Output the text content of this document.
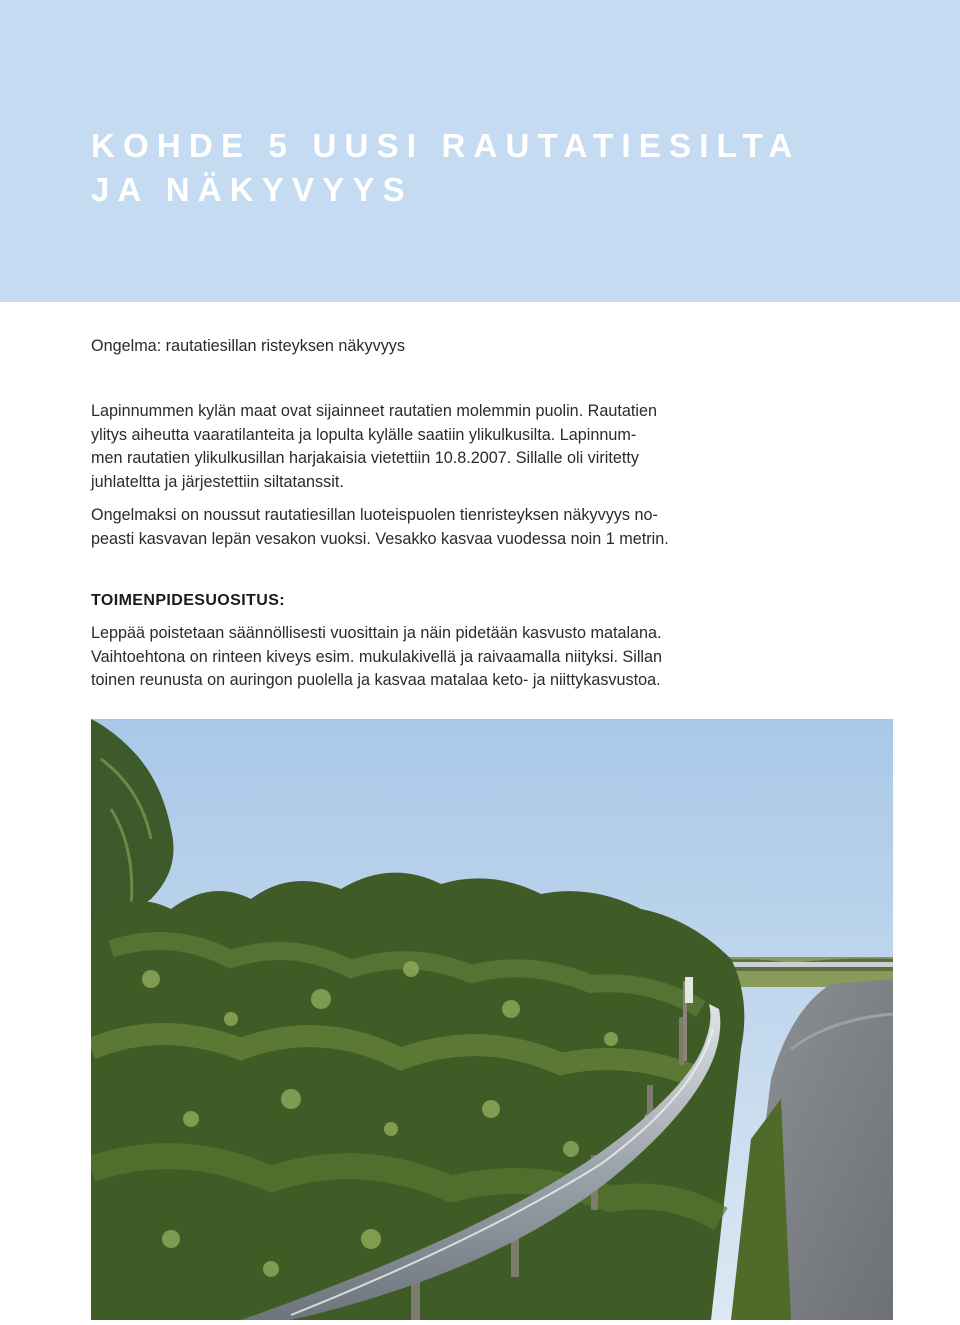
KOHDE 5 UUSI RAUTATIESILTA
JA NÄKYVYYS

Ongelma: rautatiesillan risteyksen näkyvyys

Lapinnummen kylän maat ovat sijainneet rautatien molemmin puolin. Rautatien
ylitys aiheutta vaaratilanteita ja lopulta kylälle saatiin ylikulkusilta. Lapinnum-
men rautatien ylikulkusillan harjakaisia vietettiin 10.8.2007. Sillalle oli viritetty
juhlateltta ja järjestettiin siltatanssit.

Ongelmaksi on noussut rautatiesillan luoteispuolen tienristeyksen näkyvyys no-
peasti kasvavan lepän vesakon vuoksi. Vesakko kasvaa vuodessa noin 1 metrin.

TOIMENPIDESUOSITUS:

Leppää poistetaan säännöllisesti vuosittain ja näin pidetään kasvusto matalana.
Vaihtoehtona on rinteen kiveys esim. mukulakivellä ja raivaamalla niityksi. Sillan
toinen reunusta on auringon puolella ja kasvaa matalaa keto- ja niittykasvustoa.
